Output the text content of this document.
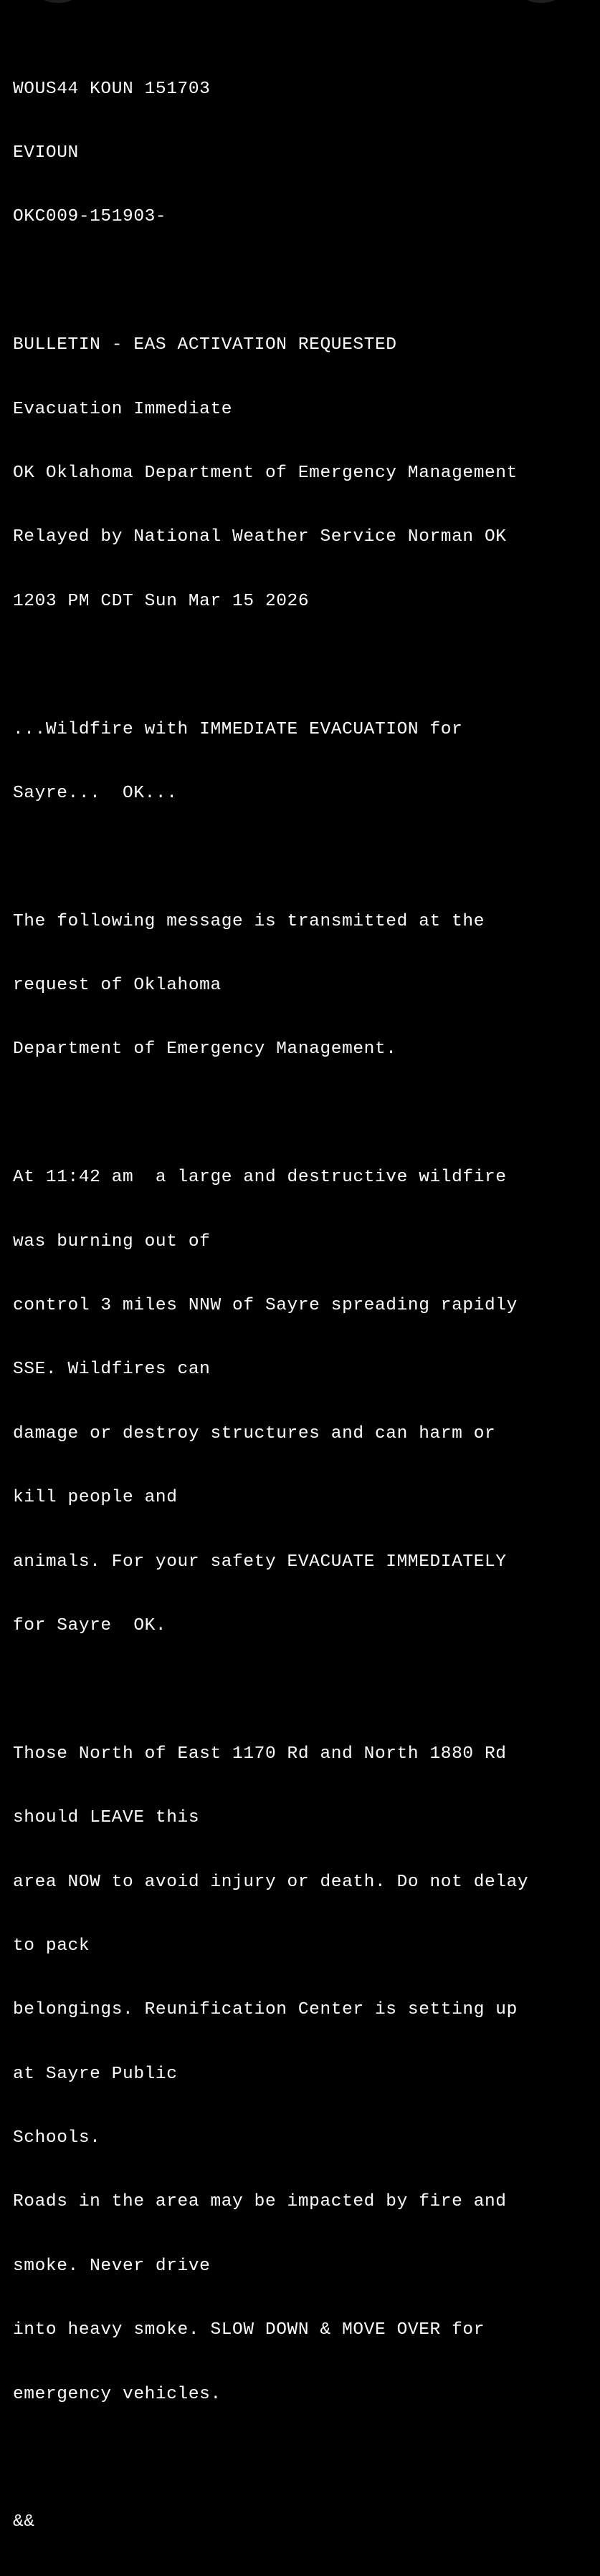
WOUS44 KOUN 151703

EVIOUN

OKC009-151903-

BULLETIN - EAS ACTIVATION REQUESTED

Evacuation Immediate

OK Oklahoma Department of Emergency Management

Relayed by National Weather Service Norman OK

1203 PM CDT Sun Mar 15 2026

...Wildfire with IMMEDIATE EVACUATION for

Sayre...  OK...

The following message is transmitted at the

request of Oklahoma

Department of Emergency Management.

At 11:42 am  a large and destructive wildfire

was burning out of

control 3 miles NNW of Sayre spreading rapidly

SSE. Wildfires can

damage or destroy structures and can harm or

kill people and

animals. For your safety EVACUATE IMMEDIATELY

for Sayre  OK.

Those North of East 1170 Rd and North 1880 Rd

should LEAVE this

area NOW to avoid injury or death. Do not delay

to pack

belongings. Reunification Center is setting up

at Sayre Public

Schools.

Roads in the area may be impacted by fire and

smoke. Never drive

into heavy smoke. SLOW DOWN & MOVE OVER for

emergency vehicles.

&&
